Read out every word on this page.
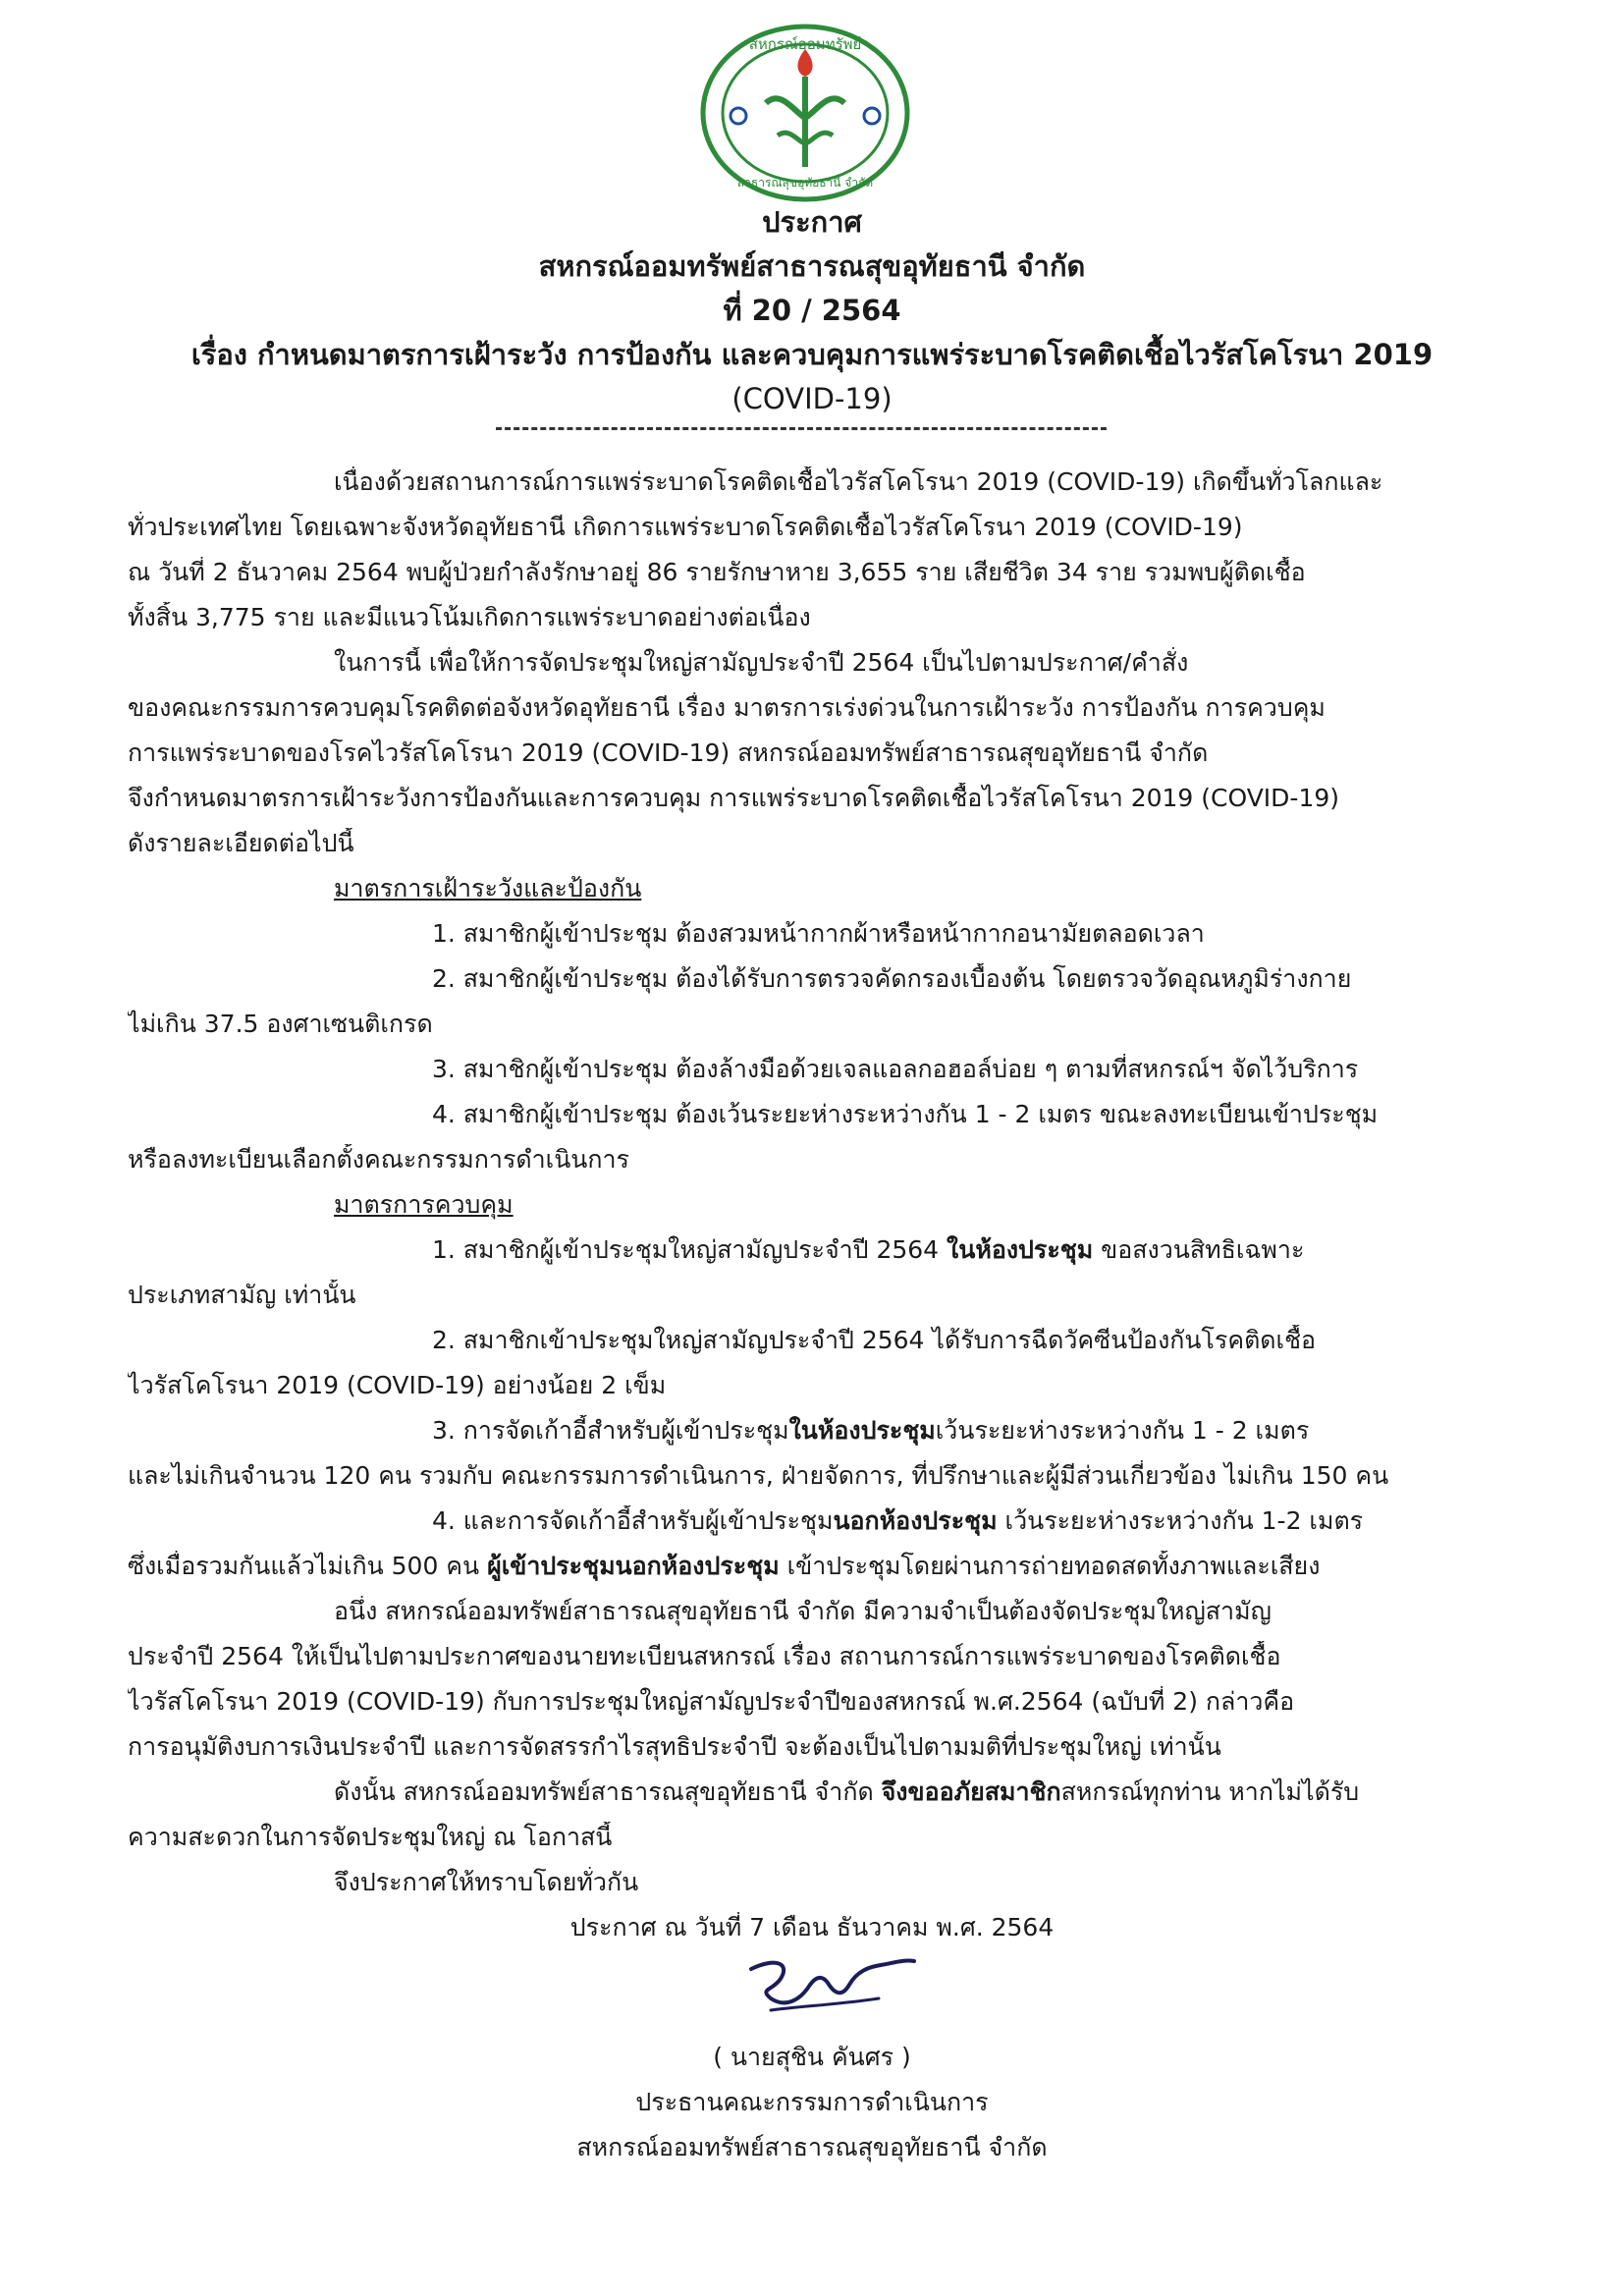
สหกรณ์ออมทรัพย์
สาธารณสุขอุทัยธานี จำกัด
ประกาศ
สหกรณ์ออมทรัพย์สาธารณสุขอุทัยธานี จำกัด
ที่ 20 / 2564
เรื่อง กำหนดมาตรการเฝ้าระวัง การป้องกัน และควบคุมการแพร่ระบาดโรคติดเชื้อไวรัสโคโรนา 2019
(COVID-19)
เนื่องด้วยสถานการณ์การแพร่ระบาดโรคติดเชื้อไวรัสโคโรนา 2019 (COVID-19) เกิดขึ้นทั่วโลกและ
ทั่วประเทศไทย โดยเฉพาะจังหวัดอุทัยธานี เกิดการแพร่ระบาดโรคติดเชื้อไวรัสโคโรนา 2019 (COVID-19)
ณ วันที่ 2 ธันวาคม 2564 พบผู้ป่วยกำลังรักษาอยู่ 86 รายรักษาหาย 3,655 ราย เสียชีวิต 34 ราย รวมพบผู้ติดเชื้อ
ทั้งสิ้น 3,775 ราย และมีแนวโน้มเกิดการแพร่ระบาดอย่างต่อเนื่อง
ในการนี้ เพื่อให้การจัดประชุมใหญ่สามัญประจำปี 2564 เป็นไปตามประกาศ/คำสั่ง
ของคณะกรรมการควบคุมโรคติดต่อจังหวัดอุทัยธานี เรื่อง มาตรการเร่งด่วนในการเฝ้าระวัง การป้องกัน การควบคุม
การแพร่ระบาดของโรคไวรัสโคโรนา 2019 (COVID-19) สหกรณ์ออมทรัพย์สาธารณสุขอุทัยธานี จำกัด
จึงกำหนดมาตรการเฝ้าระวังการป้องกันและการควบคุม การแพร่ระบาดโรคติดเชื้อไวรัสโคโรนา 2019 (COVID-19)
ดังรายละเอียดต่อไปนี้
มาตรการเฝ้าระวังและป้องกัน
1. สมาชิกผู้เข้าประชุม ต้องสวมหน้ากากผ้าหรือหน้ากากอนามัยตลอดเวลา
2. สมาชิกผู้เข้าประชุม ต้องได้รับการตรวจคัดกรองเบื้องต้น โดยตรวจวัดอุณหภูมิร่างกาย
ไม่เกิน 37.5 องศาเซนติเกรด
3. สมาชิกผู้เข้าประชุม ต้องล้างมือด้วยเจลแอลกอฮอล์บ่อย ๆ ตามที่สหกรณ์ฯ จัดไว้บริการ
4. สมาชิกผู้เข้าประชุม ต้องเว้นระยะห่างระหว่างกัน 1 - 2 เมตร ขณะลงทะเบียนเข้าประชุม
หรือลงทะเบียนเลือกตั้งคณะกรรมการดำเนินการ
มาตรการควบคุม
1. สมาชิกผู้เข้าประชุมใหญ่สามัญประจำปี 2564 ในห้องประชุม ขอสงวนสิทธิเฉพาะ
ประเภทสามัญ เท่านั้น
2. สมาชิกเข้าประชุมใหญ่สามัญประจำปี 2564 ได้รับการฉีดวัคซีนป้องกันโรคติดเชื้อ
ไวรัสโคโรนา 2019 (COVID-19) อย่างน้อย 2 เข็ม
3. การจัดเก้าอี้สำหรับผู้เข้าประชุมในห้องประชุมเว้นระยะห่างระหว่างกัน 1 - 2 เมตร
และไม่เกินจำนวน 120 คน รวมกับ คณะกรรมการดำเนินการ, ฝ่ายจัดการ, ที่ปรึกษาและผู้มีส่วนเกี่ยวข้อง ไม่เกิน 150 คน
4. และการจัดเก้าอี้สำหรับผู้เข้าประชุมนอกห้องประชุม เว้นระยะห่างระหว่างกัน 1-2 เมตร
ซึ่งเมื่อรวมกันแล้วไม่เกิน 500 คน ผู้เข้าประชุมนอกห้องประชุม เข้าประชุมโดยผ่านการถ่ายทอดสดทั้งภาพและเสียง
อนึ่ง สหกรณ์ออมทรัพย์สาธารณสุขอุทัยธานี จำกัด มีความจำเป็นต้องจัดประชุมใหญ่สามัญ
ประจำปี 2564 ให้เป็นไปตามประกาศของนายทะเบียนสหกรณ์ เรื่อง สถานการณ์การแพร่ระบาดของโรคติดเชื้อ
ไวรัสโคโรนา 2019 (COVID-19) กับการประชุมใหญ่สามัญประจำปีของสหกรณ์ พ.ศ.2564 (ฉบับที่ 2) กล่าวคือ
การอนุมัติงบการเงินประจำปี และการจัดสรรกำไรสุทธิประจำปี จะต้องเป็นไปตามมติที่ประชุมใหญ่ เท่านั้น
ดังนั้น สหกรณ์ออมทรัพย์สาธารณสุขอุทัยธานี จำกัด จึงขออภัยสมาชิกสหกรณ์ทุกท่าน หากไม่ได้รับ
ความสะดวกในการจัดประชุมใหญ่ ณ โอกาสนี้
จึงประกาศให้ทราบโดยทั่วกัน
ประกาศ ณ วันที่ 7 เดือน ธันวาคม พ.ศ. 2564
( นายสุชิน คันศร )
ประธานคณะกรรมการดำเนินการ
สหกรณ์ออมทรัพย์สาธารณสุขอุทัยธานี จำกัด
